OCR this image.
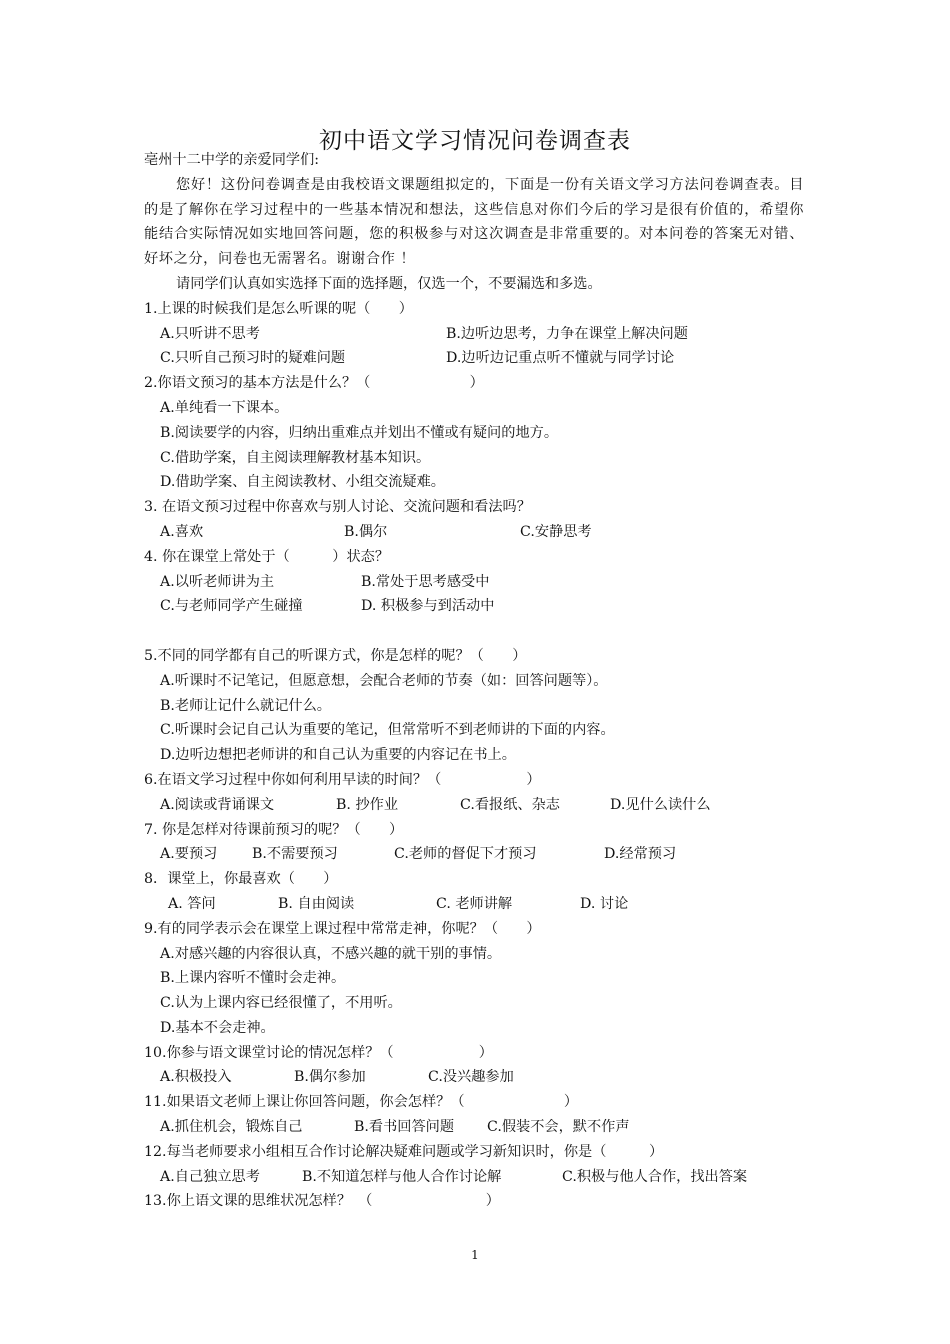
初中语文学习情况问卷调查表
亳州十二中学的亲爱同学们:
您好！这份问卷调查是由我校语文课题组拟定的，下面是一份有关语文学习方法问卷调查表。目的是了解你在学习过程中的一些基本情况和想法，这些信息对你们今后的学习是很有价值的，希望你能结合实际情况如实地回答问题，您的积极参与对这次调查是非常重要的。对本问卷的答案无对错、好坏之分，问卷也无需署名。谢谢合作 ！
请同学们认真如实选择下面的选择题，仅选一个，不要漏选和多选。
1.上课的时候我们是怎么听课的呢（　　）
A.只听讲不思考	B.边听边思考，力争在课堂上解决问题
C.只听自己预习时的疑难问题	D.边听边记重点听不懂就与同学讨论
2.你语文预习的基本方法是什么？（　　　　　　　）
A.单纯看一下课本。
B.阅读要学的内容，归纳出重难点并划出不懂或有疑问的地方。
C.借助学案，自主阅读理解教材基本知识。
D.借助学案、自主阅读教材、小组交流疑难。
3. 在语文预习过程中你喜欢与别人讨论、交流问题和看法吗？
A.喜欢	B.偶尔	C.安静思考
4. 你在课堂上常处于（　　　）状态？
A.以听老师讲为主	B.常处于思考感受中
C.与老师同学产生碰撞	D. 积极参与到活动中
5.不同的同学都有自己的听课方式，你是怎样的呢？（　　）
A.听课时不记笔记，但愿意想，会配合老师的节奏（如：回答问题等）。
B.老师让记什么就记什么。
C.听课时会记自己认为重要的笔记，但常常听不到老师讲的下面的内容。
D.边听边想把老师讲的和自己认为重要的内容记在书上。
6.在语文学习过程中你如何利用早读的时间？（　　　　　　）
A.阅读或背诵课文	B. 抄作业	C.看报纸、杂志	D.见什么读什么
7. 你是怎样对待课前预习的呢？（　　）
A.要预习 B.不需要预习	C.老师的督促下才预习	D.经常预习
8．课堂上，你最喜欢（　　）
A. 答问	B. 自由阅读	C. 老师讲解	D. 讨论
9.有的同学表示会在课堂上课过程中常常走神，你呢？（　　）
A.对感兴趣的内容很认真，不感兴趣的就干别的事情。
B.上课内容听不懂时会走神。
C.认为上课内容已经很懂了，不用听。
D.基本不会走神。
10.你参与语文课堂讨论的情况怎样？（　　　　　　）
A.积极投入	B.偶尔参加	C.没兴趣参加
11.如果语文老师上课让你回答问题，你会怎样？（　　　　　　　）
A.抓住机会，锻炼自己	B.看书回答问题 C.假装不会，默不作声
12.每当老师要求小组相互合作讨论解决疑难问题或学习新知识时，你是（　　　）
A.自己独立思考	B.不知道怎样与他人合作讨论解	C.积极与他人合作，找出答案
13.你上语文课的思维状况怎样？　（　　　　　　　　）
1
